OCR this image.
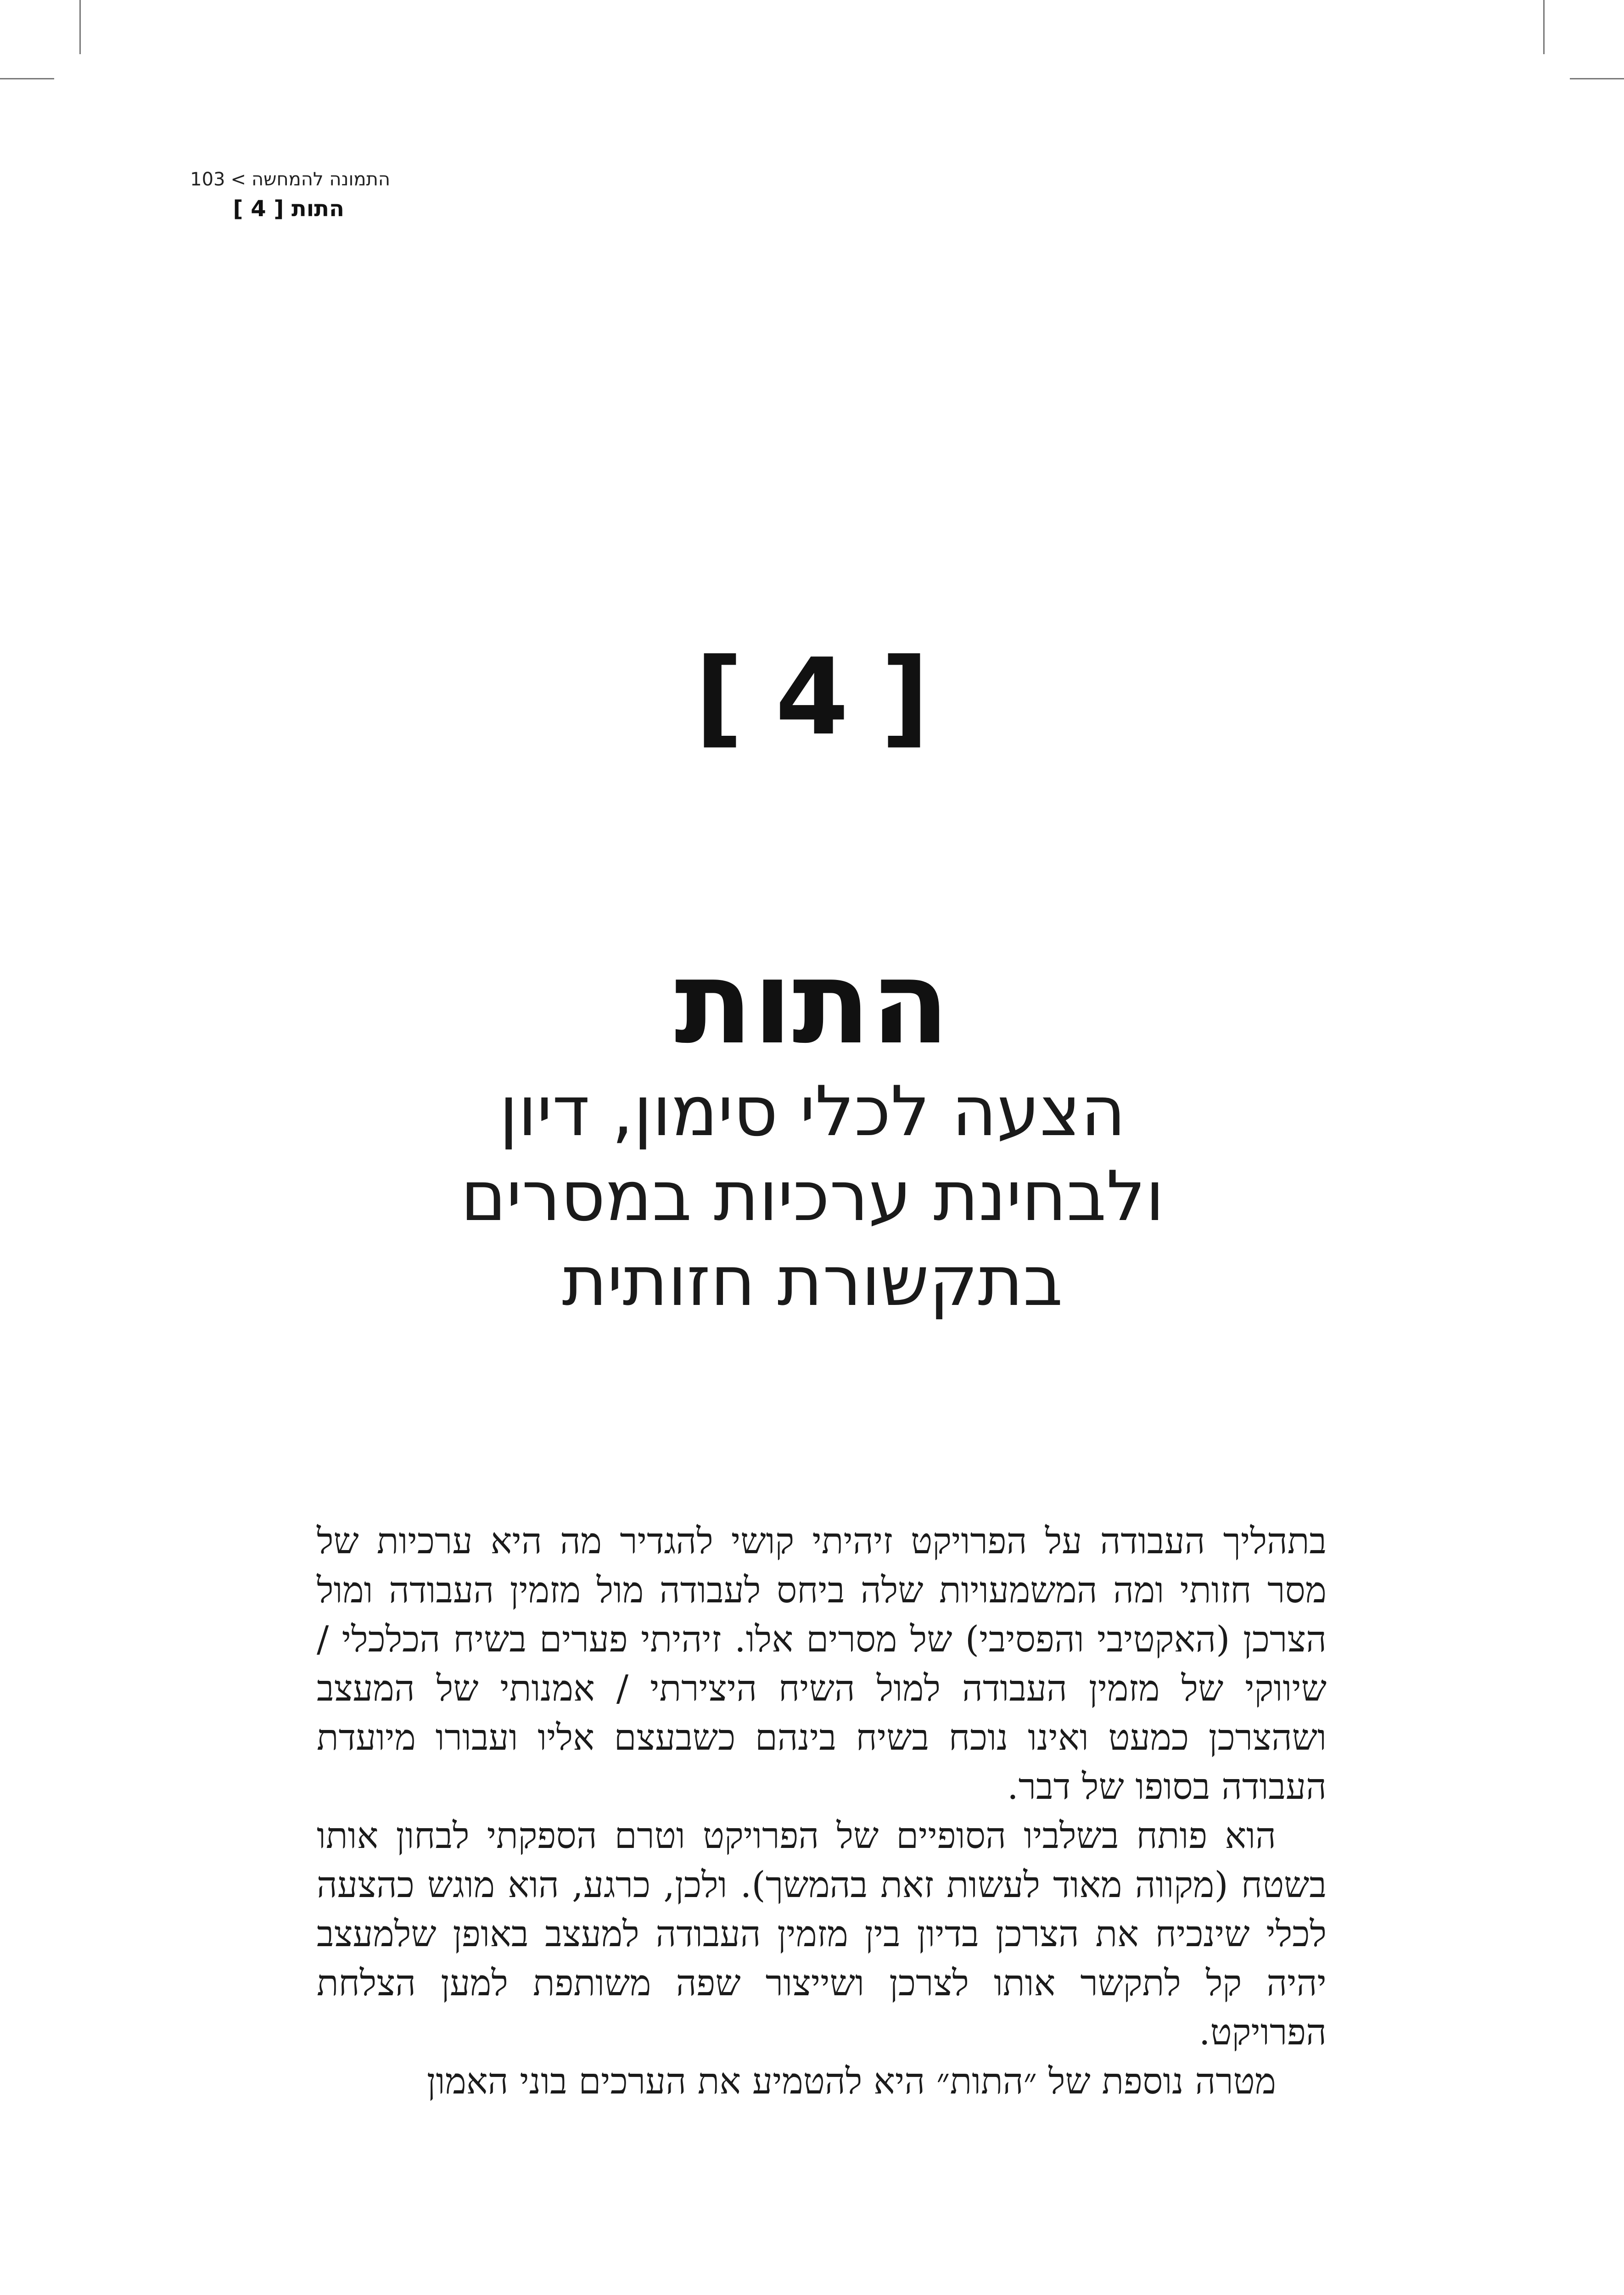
התמונה להמחשה>103
התות [ 4 ]
[ 4 ]
התות
הצעה לכלי סימון, דיון
ולבחינת ערכיות במסרים
בתקשורת חזותית

בתהליך העבודה על הפרויקט זיהיתי קושי להגדיר מה היא ערכיות של מסר חזותי ומה המשמעויות שלה ביחס לעבודה מול מזמין העבודה ומול הצרכן (האקטיבי והפסיבי) של מסרים אלו. זיהיתי פערים בשיח הכלכלי / שיווקי של מזמין העבודה למול השיח היצירתי / אמנותי של המעצב ושהצרכן כמעט ואינו נוכח בשיח בינהם כשבעצם אליו ועבורו מיועדת העבודה בסופו של דבר.

הוא פותח בשלביו הסופיים של הפרויקט וטרם הספקתי לבחון אותו בשטח (מקווה מאוד לעשות זאת בהמשך). ולכן, כרגע, הוא מוגש כהצעה לכלי שינכיח את הצרכן בדיון בין מזמין העבודה למעצב באופן שלמעצב יהיה קל לתקשר אותו לצרכן ושייצור שפה משותפת למען הצלחת הפרויקט.

מטרה נוספת של ״התות״ היא להטמיע את הערכים בוני האמון
